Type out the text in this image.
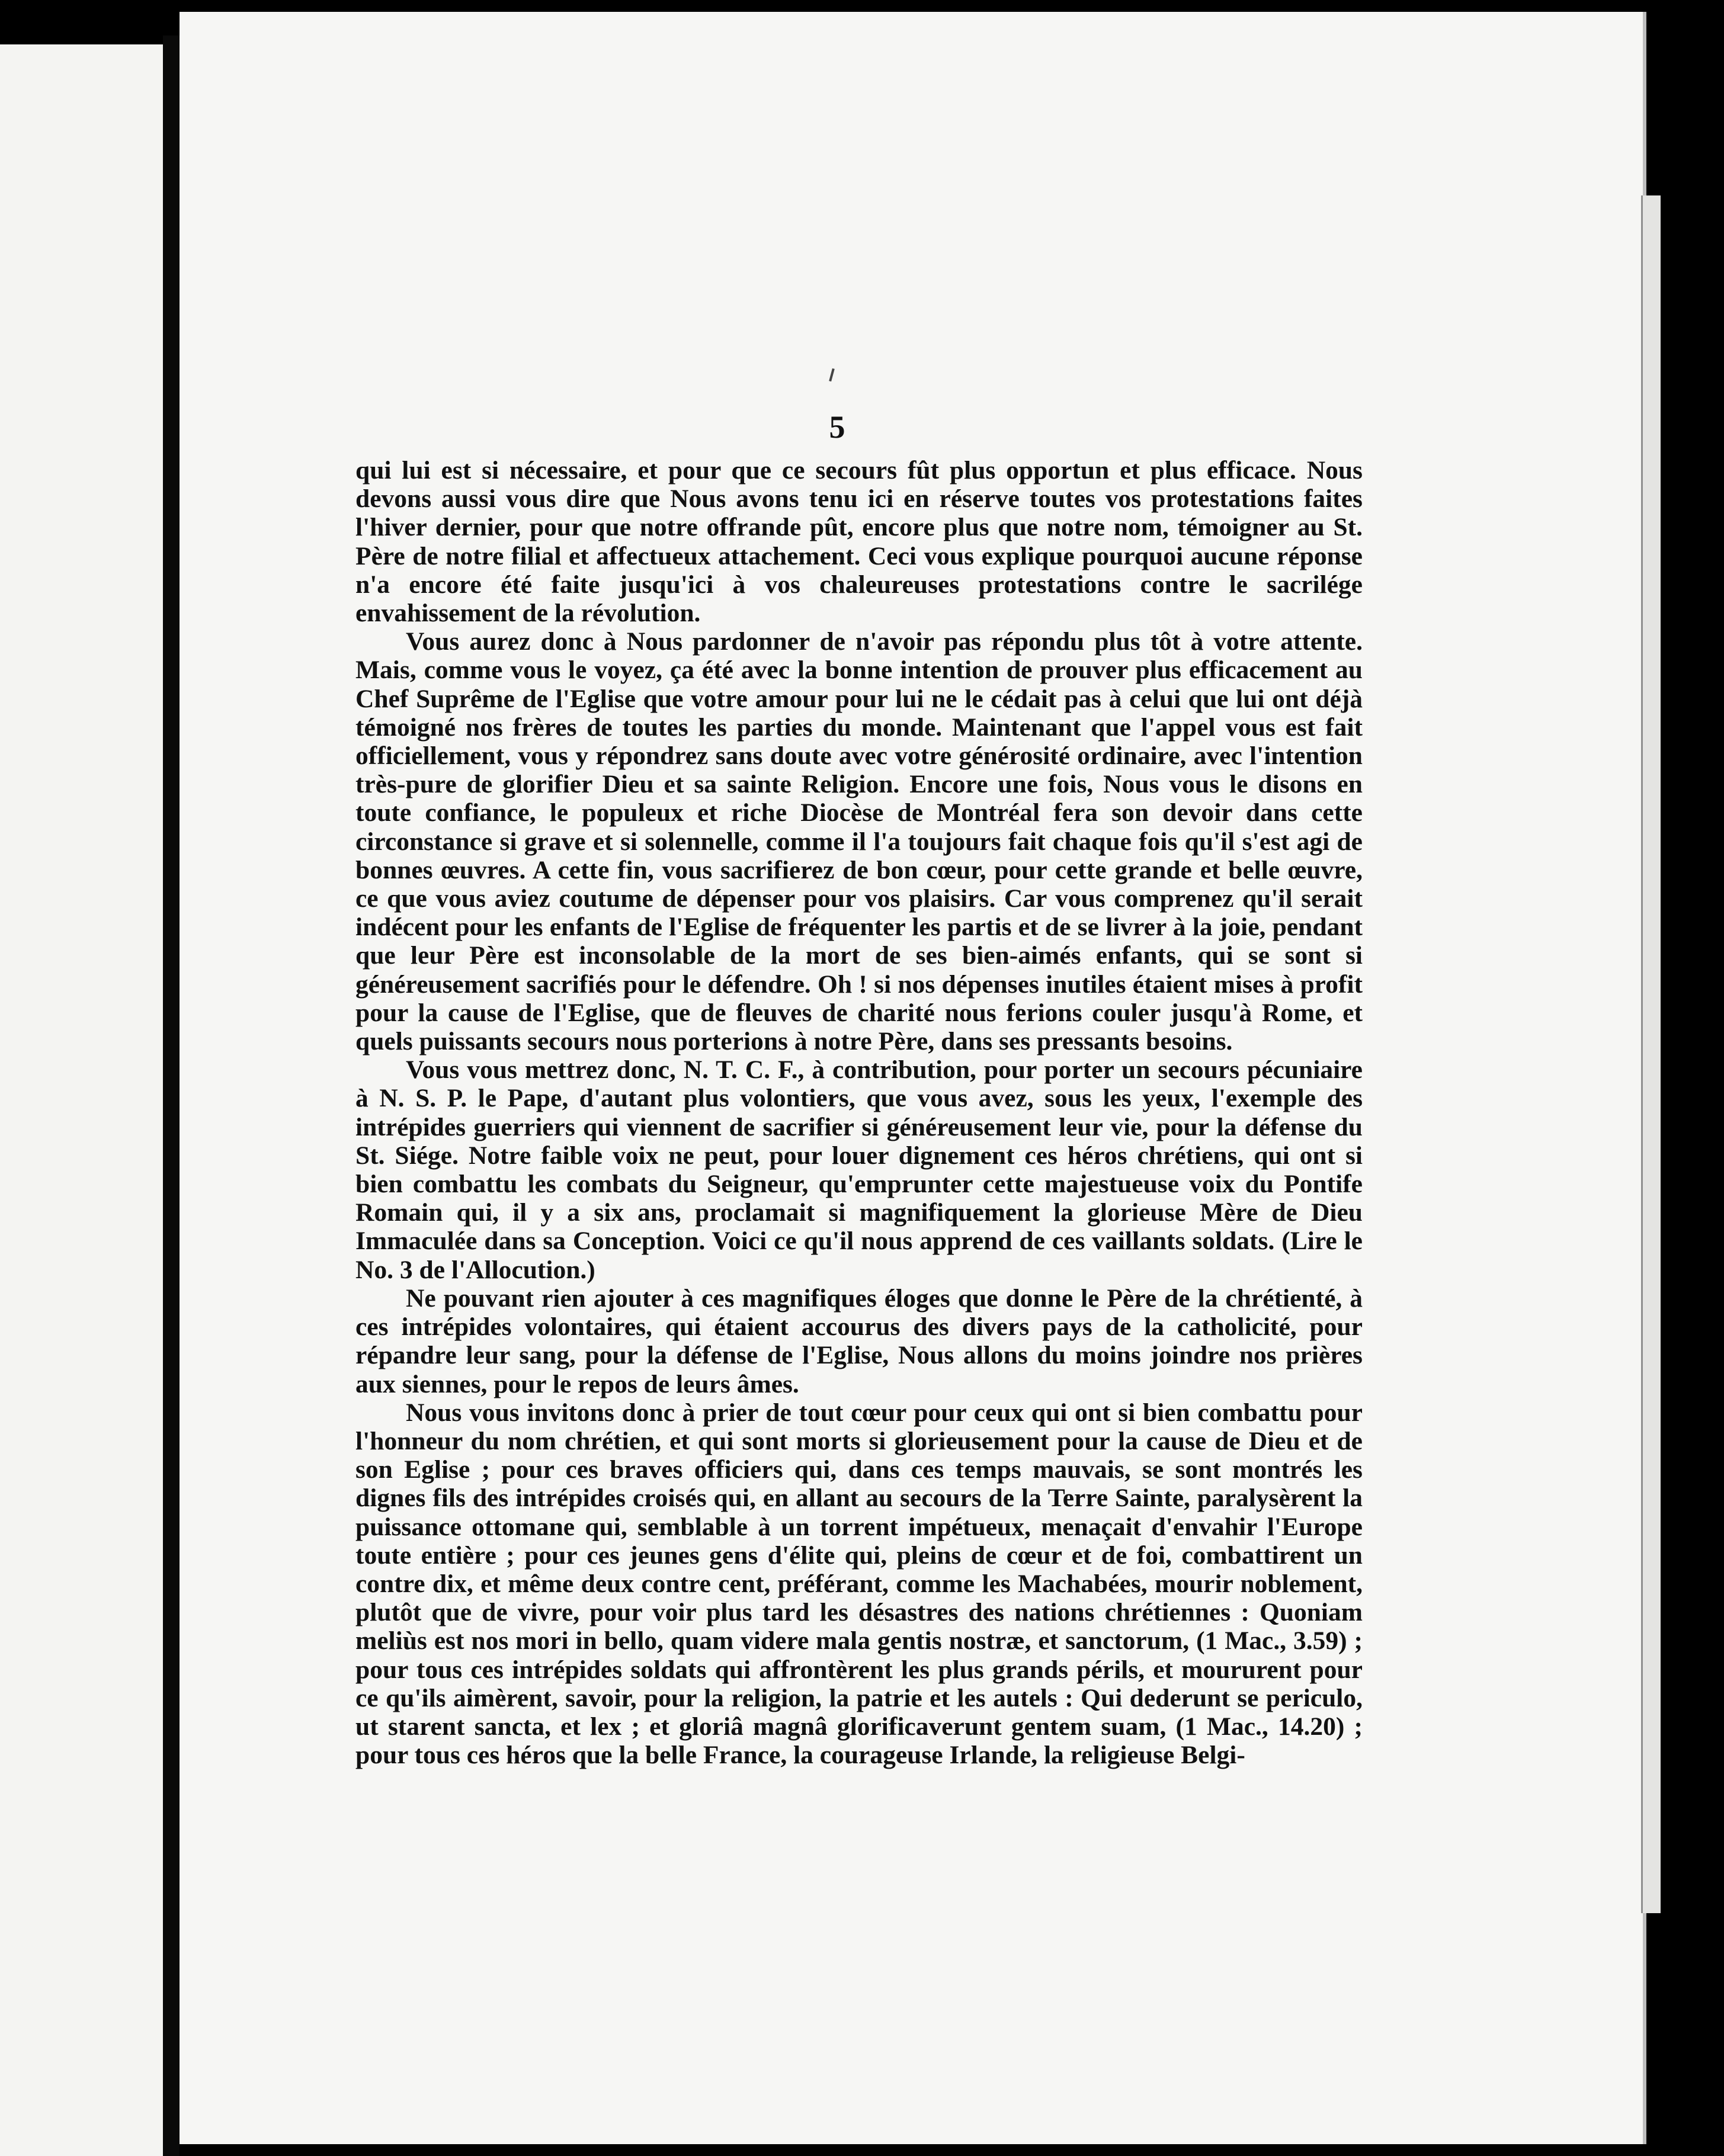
5

qui lui est si nécessaire, et pour que ce secours fût plus opportun et plus efficace. Nous devons aussi vous dire que Nous avons tenu ici en réserve toutes vos protestations faites l'hiver dernier, pour que notre offrande pût, encore plus que notre nom, témoigner au St. Père de notre filial et affectueux attachement. Ceci vous explique pourquoi aucune réponse n'a encore été faite jusqu'ici à vos chaleureuses protestations contre le sacrilége envahissement de la révolution.

Vous aurez donc à Nous pardonner de n'avoir pas répondu plus tôt à votre attente. Mais, comme vous le voyez, ça été avec la bonne intention de prouver plus efficacement au Chef Suprême de l'Eglise que votre amour pour lui ne le cédait pas à celui que lui ont déjà témoigné nos frères de toutes les parties du monde. Maintenant que l'appel vous est fait officiellement, vous y répondrez sans doute avec votre générosité ordinaire, avec l'intention très-pure de glorifier Dieu et sa sainte Religion. Encore une fois, Nous vous le disons en toute confiance, le populeux et riche Diocèse de Montréal fera son devoir dans cette circonstance si grave et si solennelle, comme il l'a toujours fait chaque fois qu'il s'est agi de bonnes œuvres. A cette fin, vous sacrifierez de bon cœur, pour cette grande et belle œuvre, ce que vous aviez coutume de dépenser pour vos plaisirs. Car vous comprenez qu'il serait indécent pour les enfants de l'Eglise de fréquenter les partis et de se livrer à la joie, pendant que leur Père est inconsolable de la mort de ses bien-aimés enfants, qui se sont si généreusement sacrifiés pour le défendre. Oh ! si nos dépenses inutiles étaient mises à profit pour la cause de l'Eglise, que de fleuves de charité nous ferions couler jusqu'à Rome, et quels puissants secours nous porterions à notre Père, dans ses pressants besoins.

Vous vous mettrez donc, N. T. C. F., à contribution, pour porter un secours pécuniaire à N. S. P. le Pape, d'autant plus volontiers, que vous avez, sous les yeux, l'exemple des intrépides guerriers qui viennent de sacrifier si généreusement leur vie, pour la défense du St. Siége. Notre faible voix ne peut, pour louer dignement ces héros chrétiens, qui ont si bien combattu les combats du Seigneur, qu'emprunter cette majestueuse voix du Pontife Romain qui, il y a six ans, proclamait si magnifiquement la glorieuse Mère de Dieu Immaculée dans sa Conception. Voici ce qu'il nous apprend de ces vaillants soldats. (Lire le No. 3 de l'Allocution.)

Ne pouvant rien ajouter à ces magnifiques éloges que donne le Père de la chrétienté, à ces intrépides volontaires, qui étaient accourus des divers pays de la catholicité, pour répandre leur sang, pour la défense de l'Eglise, Nous allons du moins joindre nos prières aux siennes, pour le repos de leurs âmes.

Nous vous invitons donc à prier de tout cœur pour ceux qui ont si bien combattu pour l'honneur du nom chrétien, et qui sont morts si glorieusement pour la cause de Dieu et de son Eglise ; pour ces braves officiers qui, dans ces temps mauvais, se sont montrés les dignes fils des intrépides croisés qui, en allant au secours de la Terre Sainte, paralysèrent la puissance ottomane qui, semblable à un torrent impétueux, menaçait d'envahir l'Europe toute entière ; pour ces jeunes gens d'élite qui, pleins de cœur et de foi, combattirent un contre dix, et même deux contre cent, préférant, comme les Machabées, mourir noblement, plutôt que de vivre, pour voir plus tard les désastres des nations chrétiennes : Quoniam meliùs est nos mori in bello, quam videre mala gentis nostræ, et sanctorum, (1 Mac., 3.59) ; pour tous ces intrépides soldats qui affrontèrent les plus grands périls, et moururent pour ce qu'ils aimèrent, savoir, pour la religion, la patrie et les autels : Qui dederunt se periculo, ut starent sancta, et lex ; et gloriâ magnâ glorificaverunt gentem suam, (1 Mac., 14.20) ; pour tous ces héros que la belle France, la courageuse Irlande, la religieuse Belgi-
